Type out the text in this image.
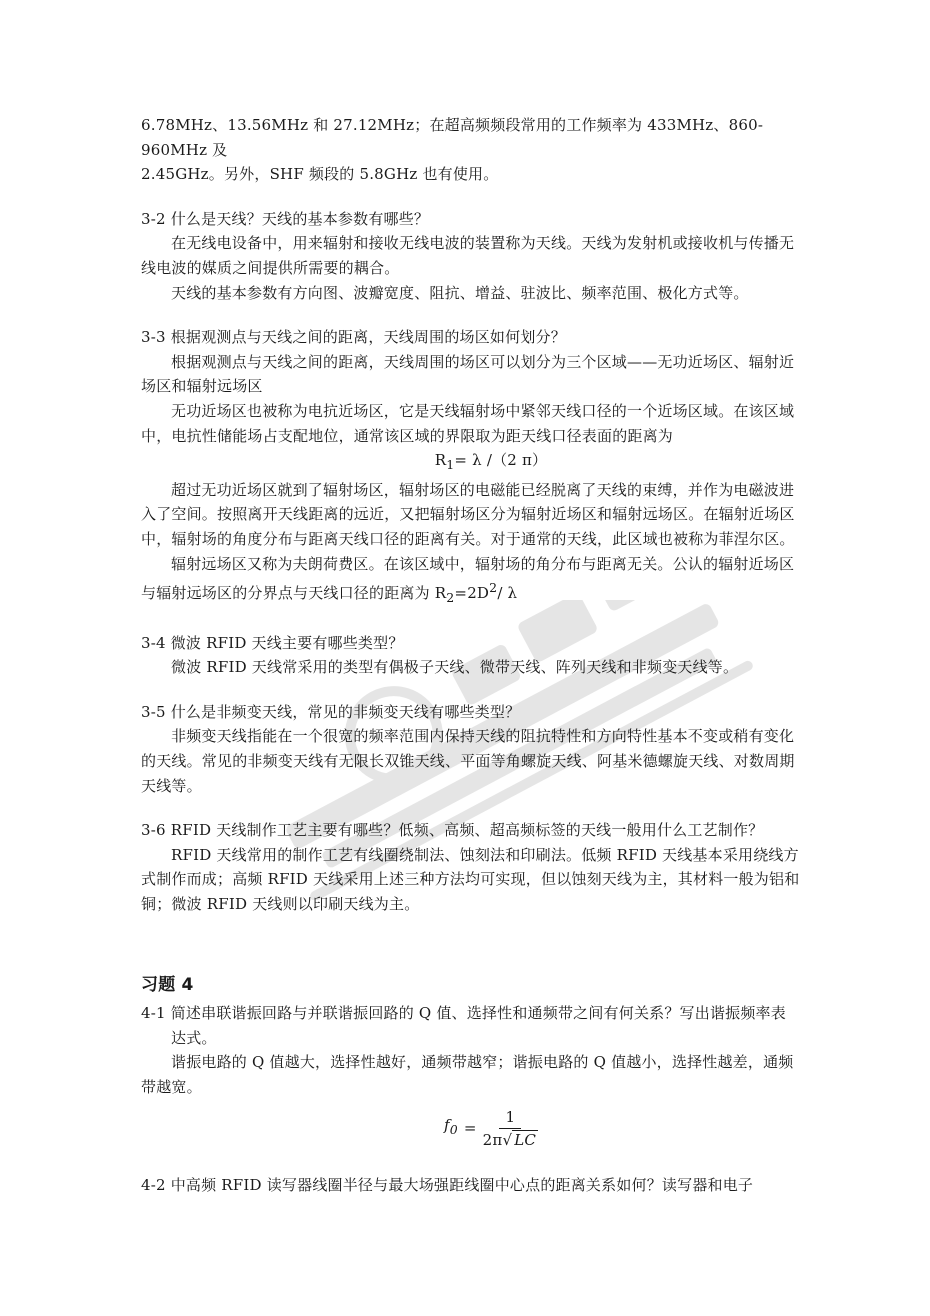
6.78MHz、13.56MHz 和 27.12MHz；在超高频频段常用的工作频率为 433MHz、860-960MHz 及

2.45GHz。另外，SHF 频段的 5.8GHz 也有使用。

3-2 什么是天线？天线的基本参数有哪些？

在无线电设备中，用来辐射和接收无线电波的装置称为天线。天线为发射机或接收机与传播无线电波的媒质之间提供所需要的耦合。

天线的基本参数有方向图、波瓣宽度、阻抗、增益、驻波比、频率范围、极化方式等。

3-3 根据观测点与天线之间的距离，天线周围的场区如何划分？

根据观测点与天线之间的距离，天线周围的场区可以划分为三个区域——无功近场区、辐射近场区和辐射远场区

无功近场区也被称为电抗近场区，它是天线辐射场中紧邻天线口径的一个近场区域。在该区域中，电抗性储能场占支配地位，通常该区域的界限取为距天线口径表面的距离为

$R_1= \lambda$ /（2 π）

超过无功近场区就到了辐射场区，辐射场区的电磁能已经脱离了天线的束缚，并作为电磁波进入了空间。按照离开天线距离的远近，又把辐射场区分为辐射近场区和辐射远场区。在辐射近场区中，辐射场的角度分布与距离天线口径的距离有关。对于通常的天线，此区域也被称为菲涅尔区。

辐射远场区又称为夫朗荷费区。在该区域中，辐射场的角分布与距离无关。公认的辐射近场区与辐射远场区的分界点与天线口径的距离为 $R_2=2D^2/$ λ

3-4 微波 RFID 天线主要有哪些类型？

微波 RFID 天线常采用的类型有偶极子天线、微带天线、阵列天线和非频变天线等。

3-5 什么是非频变天线，常见的非频变天线有哪些类型？

非频变天线指能在一个很宽的频率范围内保持天线的阻抗特性和方向特性基本不变或稍有变化的天线。常见的非频变天线有无限长双锥天线、平面等角螺旋天线、阿基米德螺旋天线、对数周期天线等。

3-6 RFID 天线制作工艺主要有哪些？低频、高频、超高频标签的天线一般用什么工艺制作？

RFID 天线常用的制作工艺有线圈绕制法、蚀刻法和印刷法。低频 RFID 天线基本采用绕线方式制作而成；高频 RFID 天线采用上述三种方法均可实现，但以蚀刻天线为主，其材料一般为铝和铜；微波 RFID 天线则以印刷天线为主。

习题 4

4-1 简述串联谐振回路与并联谐振回路的 Q 值、选择性和通频带之间有何关系？写出谐振频率表达式。

谐振电路的 Q 值越大，选择性越好，通频带越窄；谐振电路的 Q 值越小，选择性越差，通频带越宽。

$f_0 = \frac{1}{2\pi√ LC}$

4-2 中高频 RFID 读写器线圈半径与最大场强距线圈中心点的距离关系如何？读写器和电子
